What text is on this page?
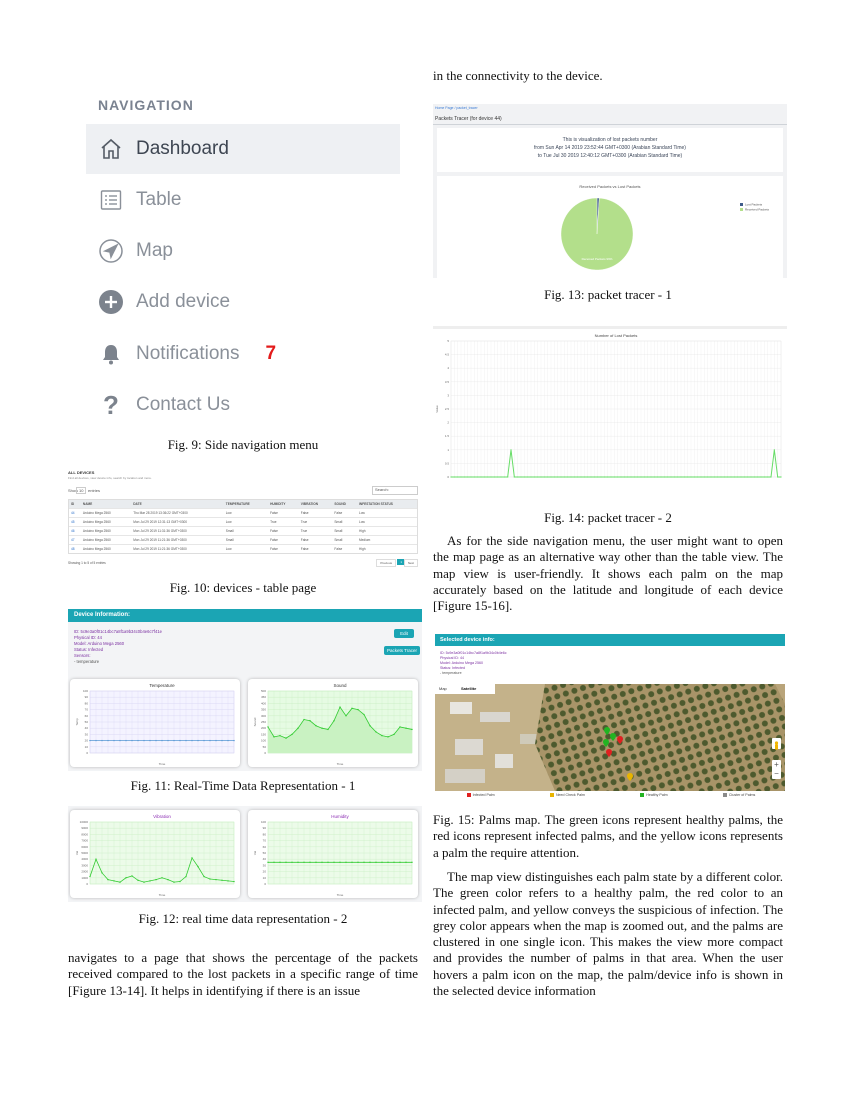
NAVIGATION
Dashboard
Table
Map
Add device
Notifications 7
? Contact Us
Fig. 9: Side navigation menu
ALL DEVICES
Find all devices, view device info, search by location and more.
Show 10	entries	Search:
ID	NAME	DATE	TEMPERATURE	HUMIDITY	VIBRATION	SOUND	INFESTATION STATUS
44	Arduino Mega 2560	Thu Mar 28 2019 13:36:22 GMT+0300	Low	False	False	False	Low
45	Arduino Mega 2560	Mon Jul 29 2019 12:31:13 GMT+0300	Low	True	True	Small	Low
46	Arduino Mega 2560	Mon Jul 29 2019 11:31:36 GMT+0300	Small	False	True	Small	High
47	Arduino Mega 2560	Mon Jul 29 2019 11:21:36 GMT+0300	Small	False	False	Small	Medium
48	Arduino Mega 2560	Mon Jul 29 2019 11:21:36 GMT+0300	Low	False	False	False	High
Showing 1 to 5 of 5 entries	Previous	1	Next
Fig. 10: devices - table page
Device Information:
ID: 5c9e3a0f01c14bc7a8f1a9b34c0b4e6c7f41e
Physical ID: 44
Model: Arduino Mega 2560
Status: Infected
Sensors:
- temperature
Edit
Packets Tracer
Temperature
0
10
20
30
40
50
60
70
80
90
100
Temp
Time
Sound
0
50
100
150
200
250
300
350
400
450
500
Sound
Time
Fig. 11: Real-Time Data Representation - 1
Vibration
0
1000
2000
3000
4000
5000
6000
7000
8000
9000
10000
Val
Time
Humidity
0
10
20
30
40
50
60
70
80
90
100
Val
Time
Fig. 12: real time data representation - 2
navigates to a page that shows the percentage of the packets received compared to the lost packets in a specific range of time [Figure 13-14]. It helps in identifying if there is an issue
in the connectivity to the device.
Home Page / packet_tracer
Packets Tracer (for device 44)
This is visualization of lost packets number
from Sun Apr 14 2019 23:52:44 GMT+0300 (Arabian Standard Time)
to Tue Jul 30 2019 12:40:12 GMT+0300 (Arabian Standard Time)
Received Packets vs Lost Packets
Received Packets 99%
Lost Packets
Received Packets
Fig. 13: packet tracer - 1
Number of Lost Packets
0
0.5
1
1.5
2
2.5
3
3.5
4
4.5
5
Value
Fig. 14: packet tracer - 2
As for the side navigation menu, the user might want to open the map page as an alternative way other than the table view. The map view is user-friendly. It shows each palm on the map accurately based on the latitude and longitude of each device [Figure 15-16].
Selected device info:
ID: 5c9e3a0f01c14bc7a8f1a9b34c0b4e6c
Physical ID: 44
Model: Arduino Mega 2560
Status: Infected
- temperature
Map	Satellite
+
−
Infected Palm	Need Check Palm	Healthy Palm	Cluster of Palms
Fig. 15: Palms map. The green icons represent healthy palms, the red icons represent infected palms, and the yellow icons represents a palm the require attention.
The map view distinguishes each palm state by a different color. The green color refers to a healthy palm, the red color to an infected palm, and yellow conveys the suspicious of infection. The grey color appears when the map is zoomed out, and the palms are clustered in one single icon. This makes the view more compact and provides the number of palms in that area. When the user hovers a palm icon on the map, the palm/device info is shown in the selected device information
